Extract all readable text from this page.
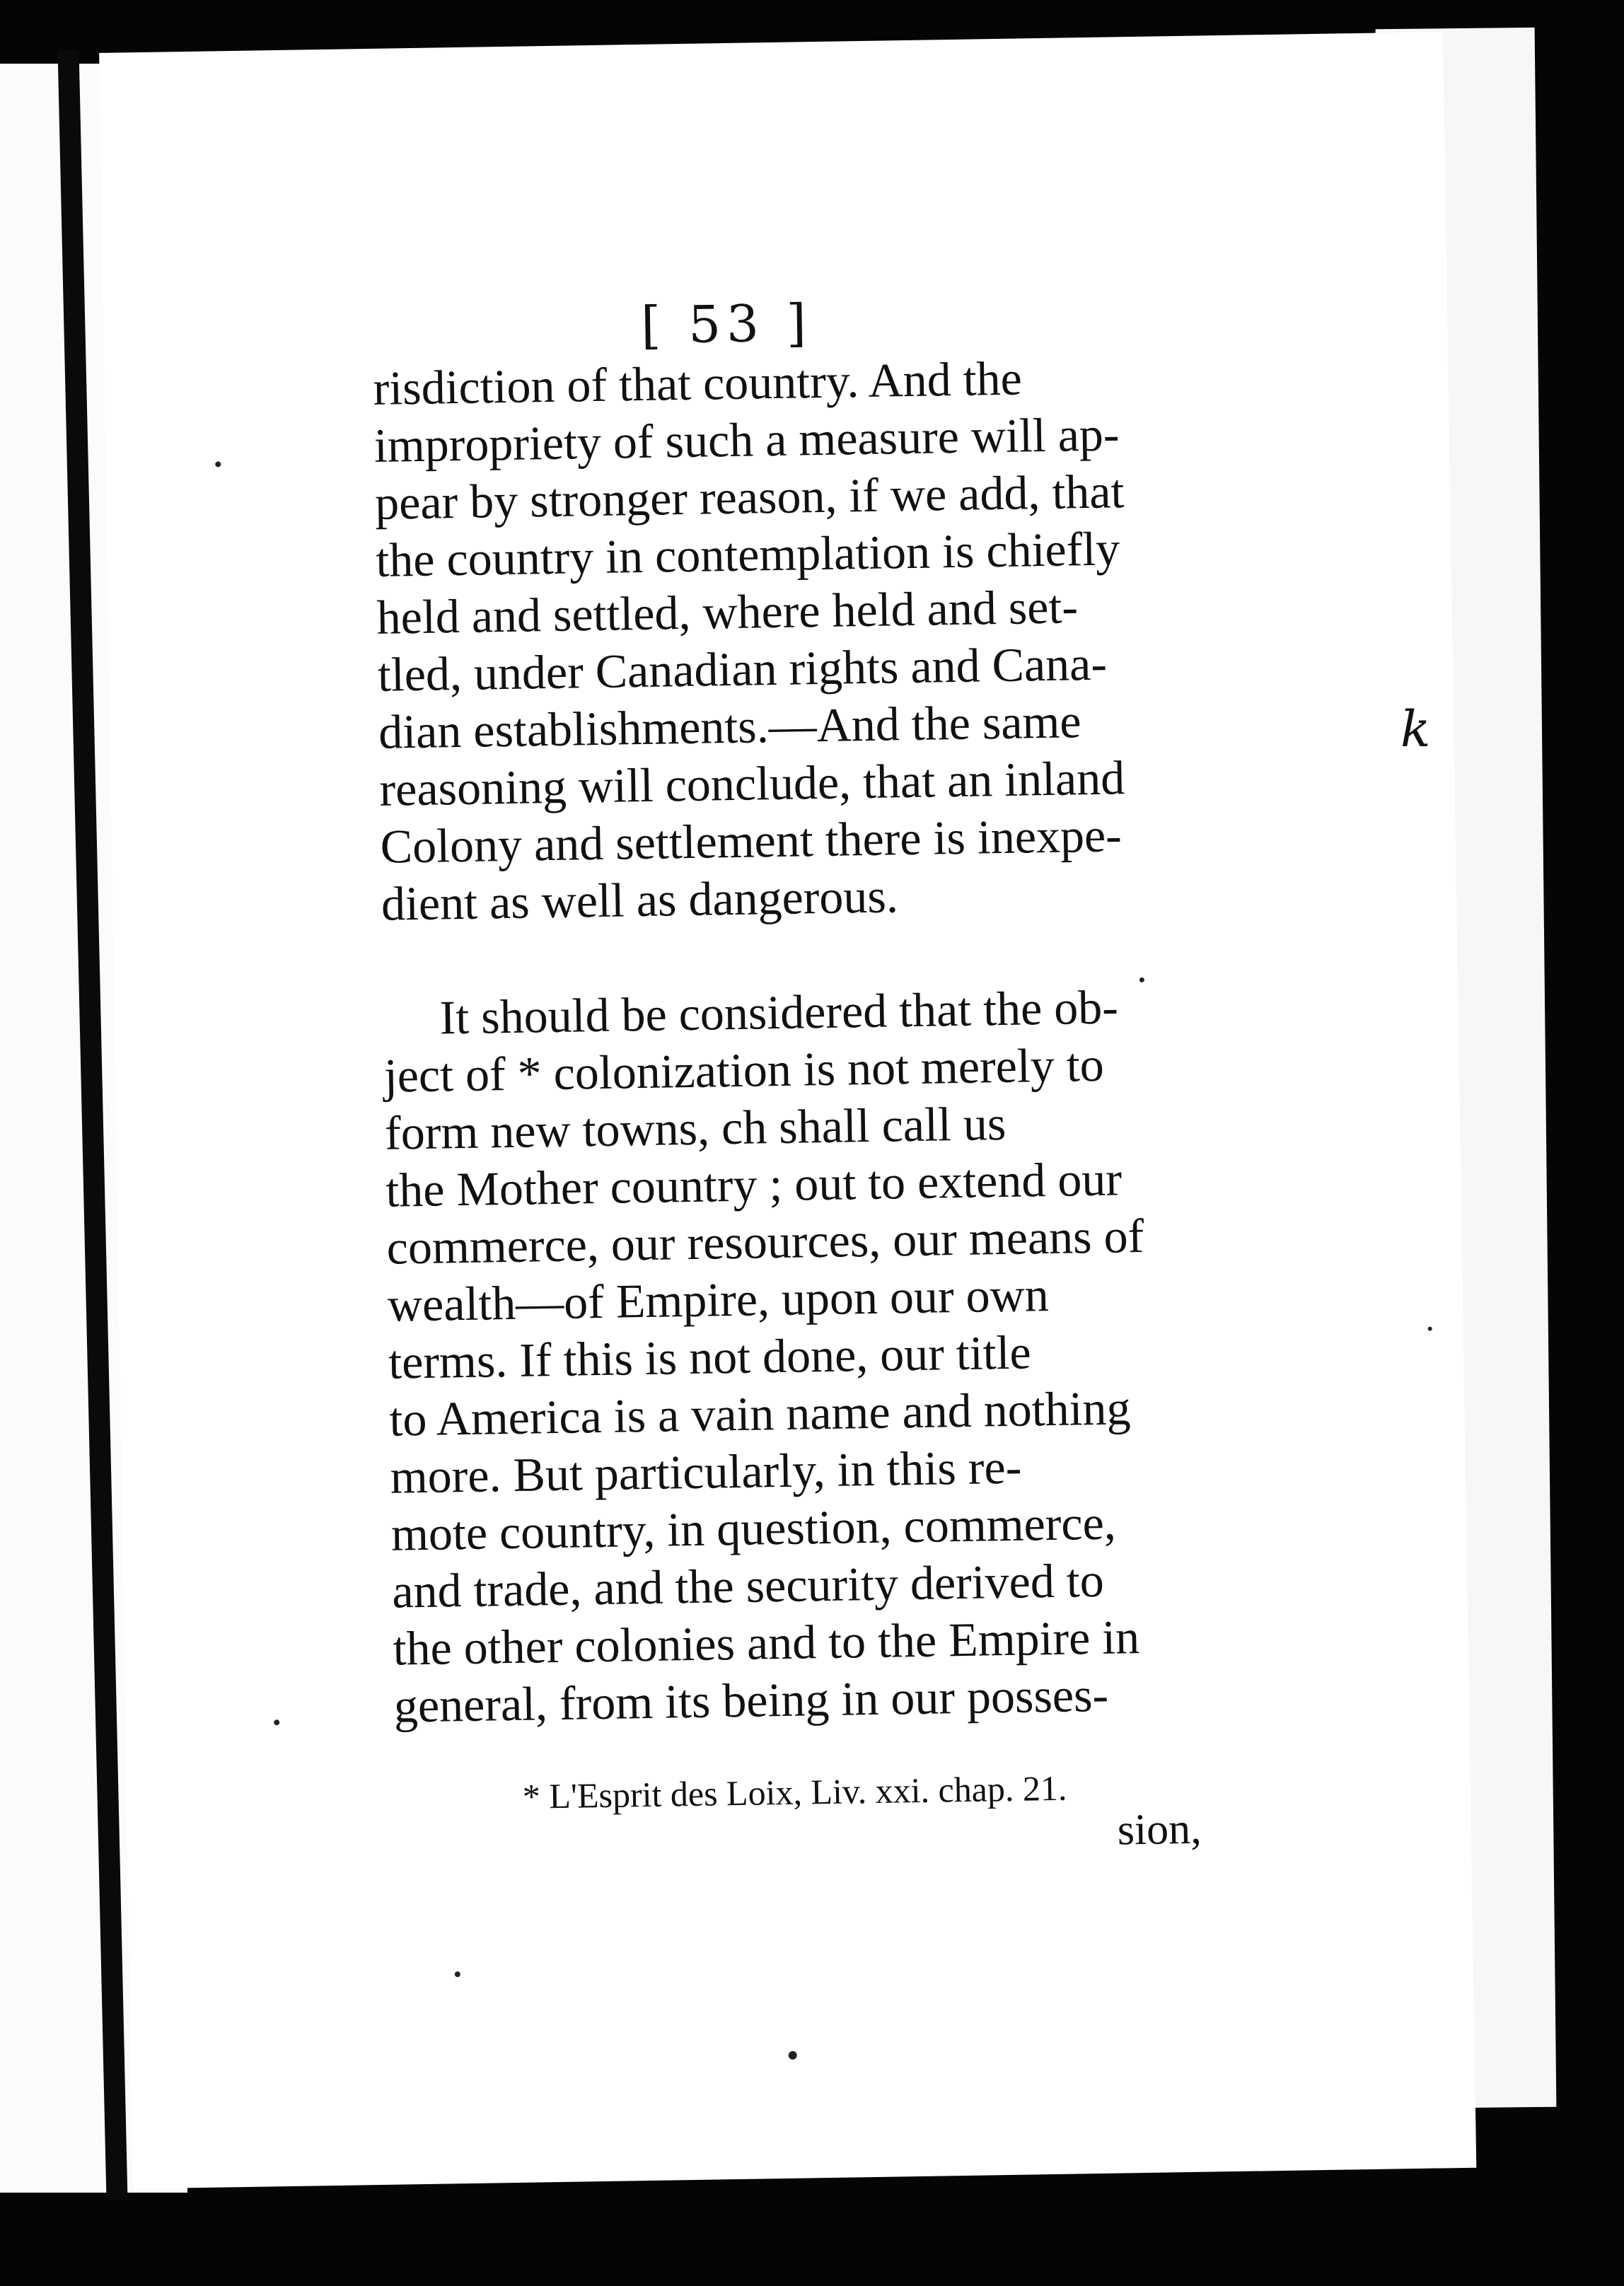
[ 53 ]

risdiction of that country. And the
impropriety of such a measure will ap-
pear by stronger reason, if we add, that
the country in contemplation is chiefly
held and settled, where held and set-
tled, under Canadian rights and Cana-
dian establishments.—And the same
reasoning will conclude, that an inland
Colony and settlement there is inexpe-
dient as well as dangerous.

It should be considered that the ob-
ject of * colonization is not merely to
form new towns, ch shall call us
the Mother country ; out to extend our
commerce, our resources, our means of
wealth—of Empire, upon our own
terms. If this is not done, our title
to America is a vain name and nothing
more. But particularly, in this re-
mote country, in question, commerce,
and trade, and the security derived to
the other colonies and to the Empire in
general, from its being in our posses-

* L'Esprit des Loix, Liv. xxi. chap. 21.

sion,

k
